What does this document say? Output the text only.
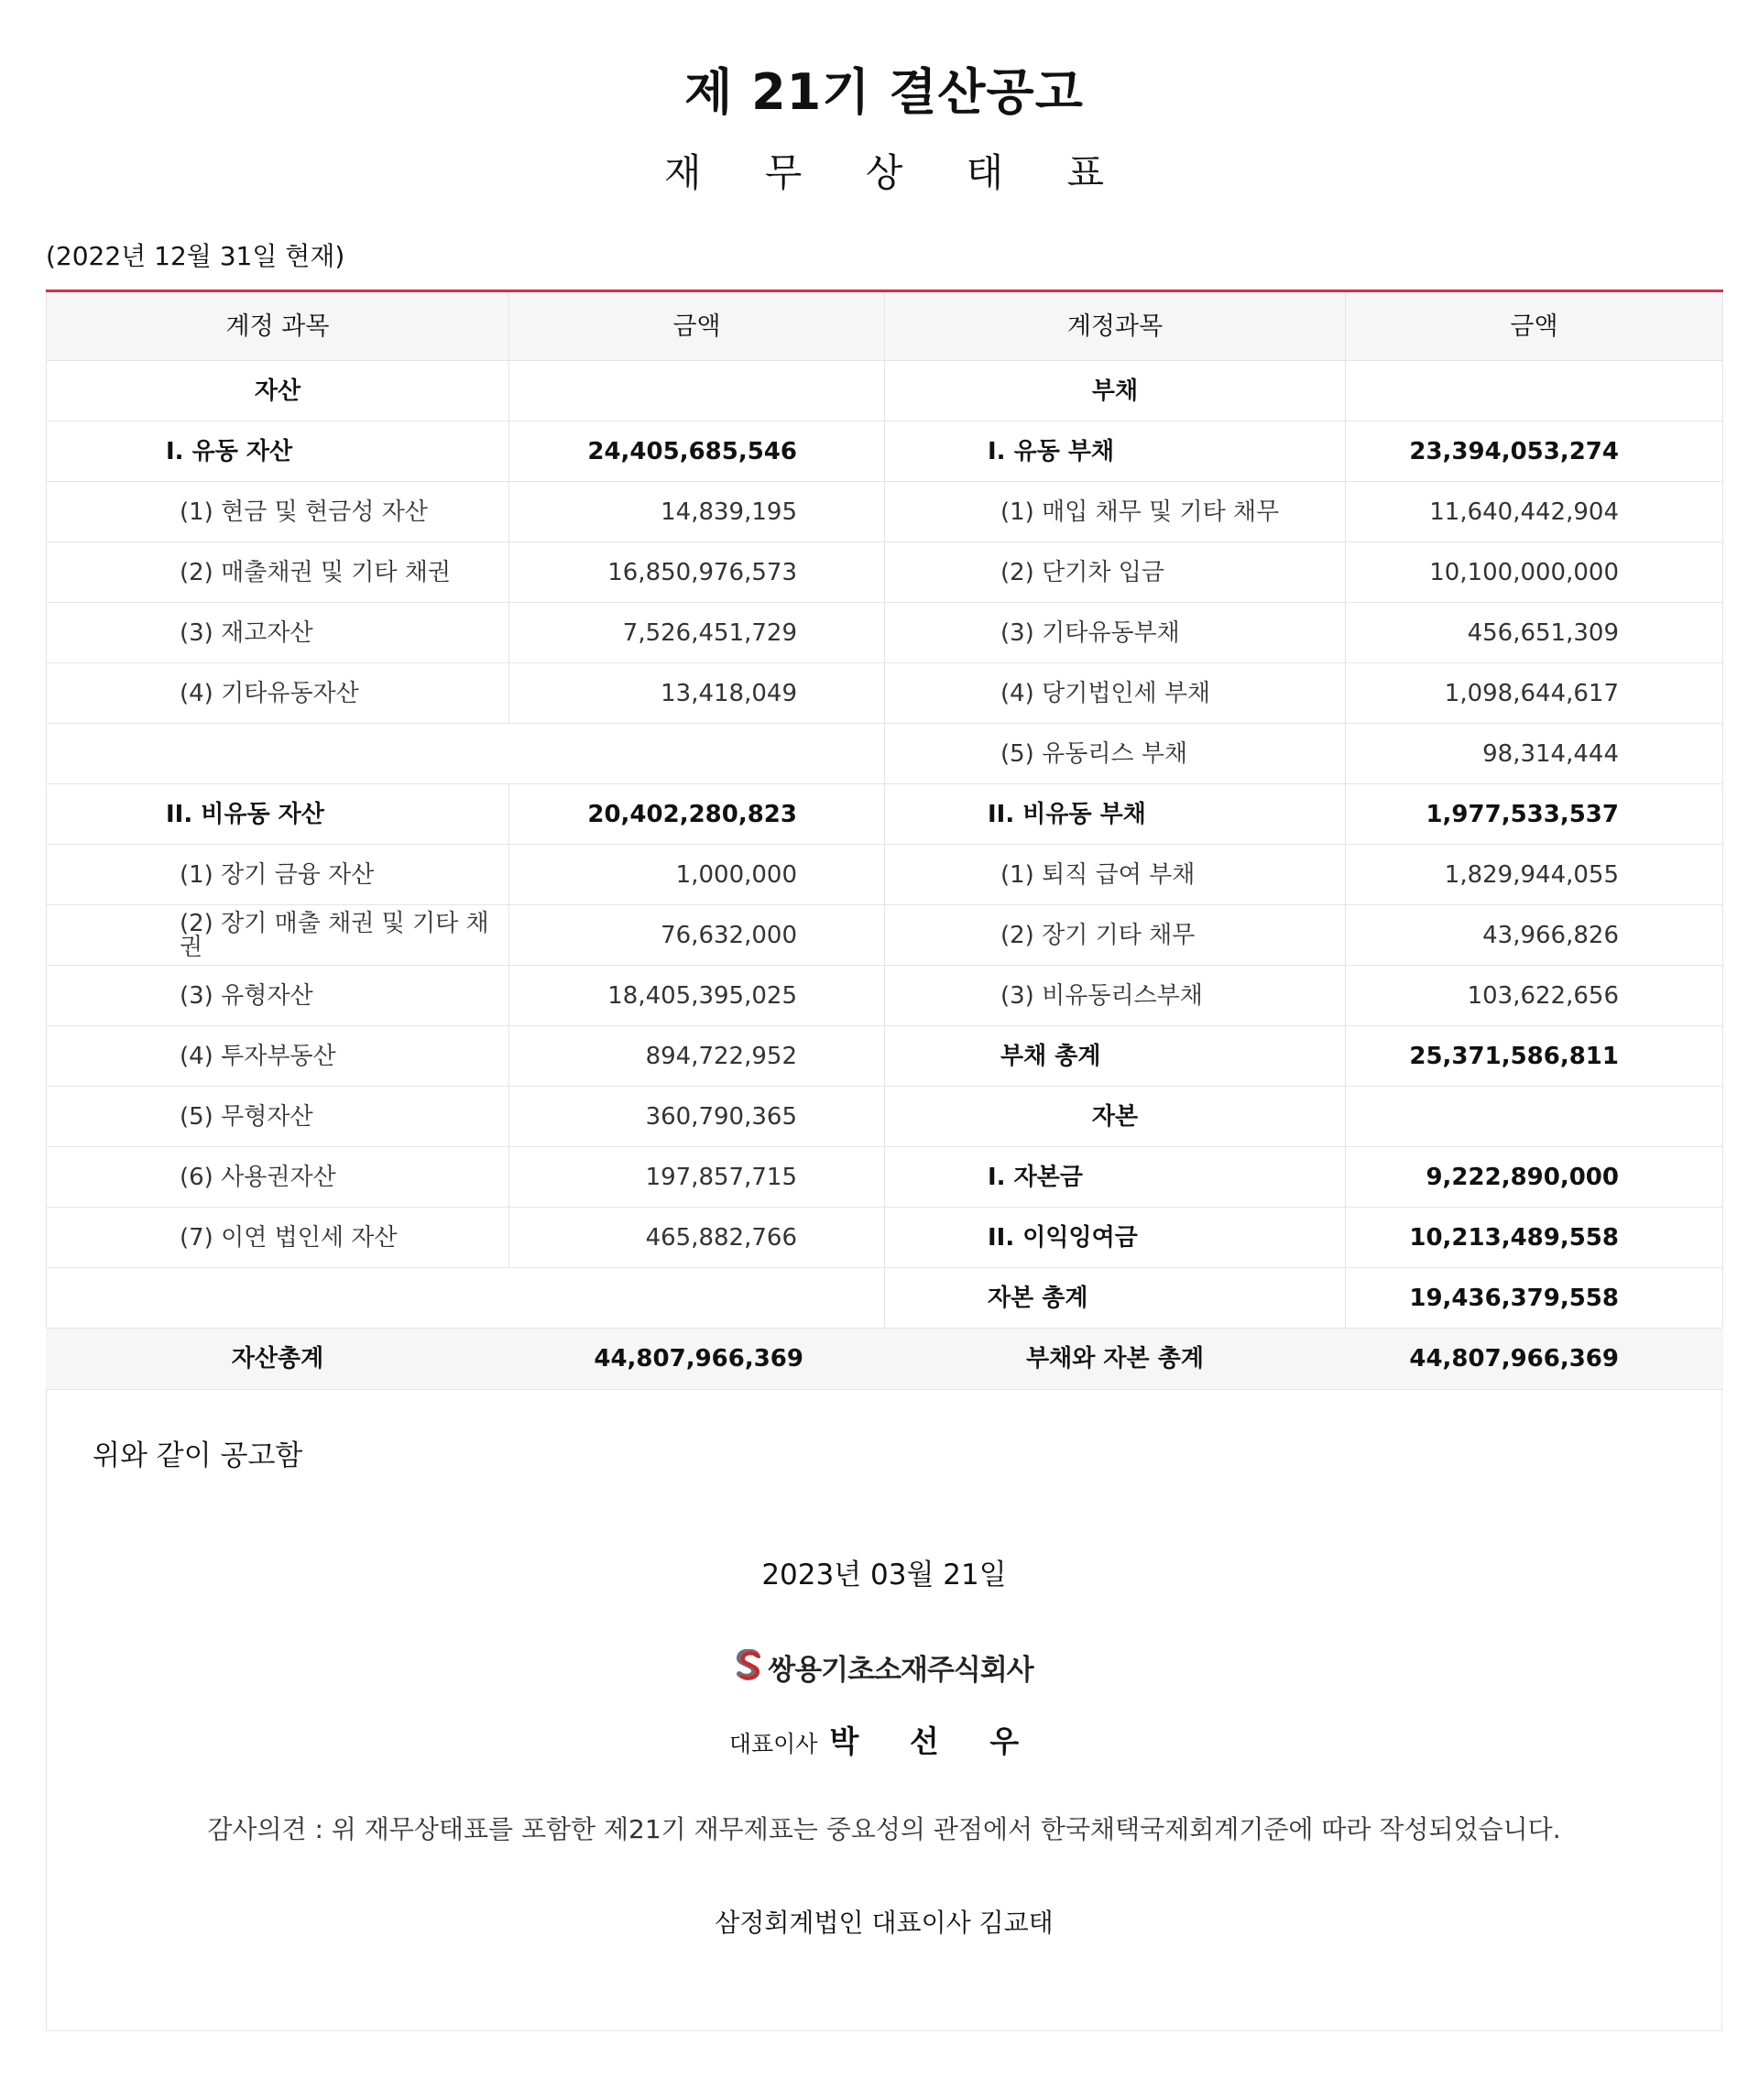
제 21기 결산공고
재 무 상 태 표
(2022년 12월 31일 현재)
계정 과목	금액	계정과목	금액
자산		부채	
I. 유동 자산	24,405,685,546	I. 유동 부채	23,394,053,274
(1) 현금 및 현금성 자산	14,839,195	(1) 매입 채무 및 기타 채무	11,640,442,904
(2) 매출채권 및 기타 채권	16,850,976,573	(2) 단기차 입금	10,100,000,000
(3) 재고자산	7,526,451,729	(3) 기타유동부채	456,651,309
(4) 기타유동자산	13,418,049	(4) 당기법인세 부채	1,098,644,617
		(5) 유동리스 부채	98,314,444
II. 비유동 자산	20,402,280,823	II. 비유동 부채	1,977,533,537
(1) 장기 금융 자산	1,000,000	(1) 퇴직 급여 부채	1,829,944,055
(2) 장기 매출 채권 및 기타 채권	76,632,000	(2) 장기 기타 채무	43,966,826
(3) 유형자산	18,405,395,025	(3) 비유동리스부채	103,622,656
(4) 투자부동산	894,722,952	부채 총계	25,371,586,811
(5) 무형자산	360,790,365	자본	
(6) 사용권자산	197,857,715	I. 자본금	9,222,890,000
(7) 이연 법인세 자산	465,882,766	II. 이익잉여금	10,213,489,558
		자본 총계	19,436,379,558
자산총계	44,807,966,369	부채와 자본 총계	44,807,966,369
위와 같이 공고함
2023년 03월 21일
쌍용기초소재주식회사
대표이사 박 선 우
감사의견 : 위 재무상태표를 포함한 제21기 재무제표는 중요성의 관점에서 한국채택국제회계기준에 따라 작성되었습니다.
삼정회계법인 대표이사 김교태
